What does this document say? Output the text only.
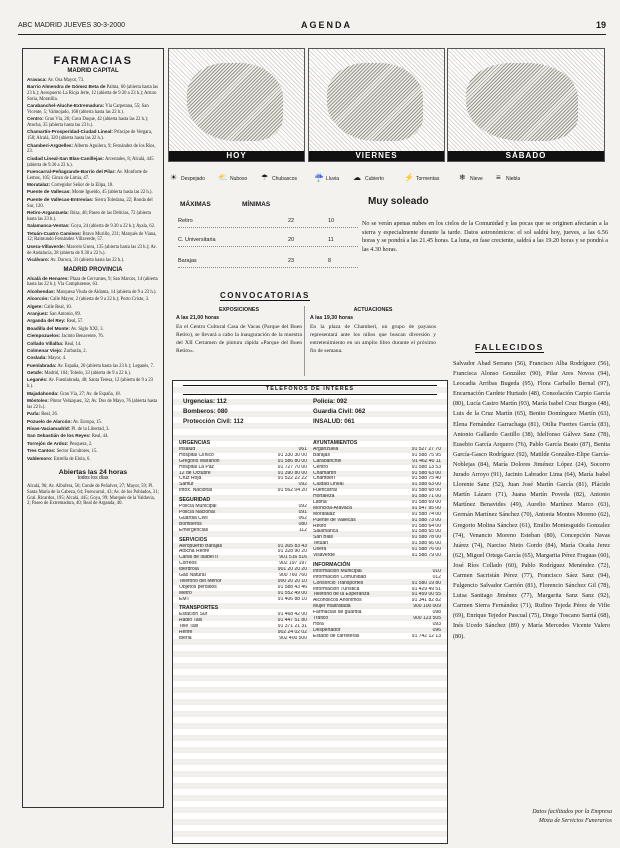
ABC MADRID JUEVES 30-3-2000	AGENDA	19
FARMACIAS
MADRID CAPITAL
Aravaca: Av. Osa Mayor, 73.
Barrio Almendra de Gómez Beta de Palma, 60 (abierta hasta las 23 h.); Aeropuerto La Rioja Jerte, 12 (abierta de 9.30 a 23 h.); Arturo Soria, Moratilla.
Carabanchel-Aluche-Extremadura: Vía Carpetana, 55; San Vicente, 5; Valmojado, 168 (abierta hasta las 22 h.).
Centro: Gran Vía, 26; Cava Duque, 42 (abierta hasta las 22 h.); Atocha, 35 (abierta hasta las 23 h.).
Chamartín-Prosperidad-Ciudad Lineal: Príncipe de Vergara, 158; Alcalá, 320 (abierta hasta las 22 h.).
Chamberí-Argüelles: Alberto Aguilera, 9; Fernández de los Ríos, 23.
Ciudad Lineal-San Blas-Canillejas: Arcentales, 8; Alcalá, 445 (abierta de 9.30 a 23 h.).
Fuencarral-Peñagrande-Barrio del Pilar: Av. Monforte de Lemos, 105; Ginzo de Limia, 47.
Moratalaz: Corregidor Señor de la Elipa, 18.
Puente de Vallecas: Monte Igueldo, 45 (abierta hasta las 22 h.).
Puente de Vallecas-Entrevías: Sierra Toledana, 22; Ronda del Sur, 120.
Retiro-Arganzuela: Ibiza, 46; Paseo de las Delicias, 72 (abierta hasta las 23 h.).
Salamanca-Ventas: Goya, 24 (abierta de 9.30 a 22 h.); Ayala, 62.
Tetuán-Cuatro Caminos: Bravo Murillo, 231; Marqués de Viana, 12; Raimundo Fernández Villaverde, 57.
Usera-Villaverde: Marcelo Usera, 135 (abierta hasta las 23 h.); Av. de Andalucía, 28 (abierta de 9.30 a 22 h.).
Vicálvaro: Av. Daroca, 31 (abierta hasta las 22 h.).
MADRID PROVINCIA
Alcalá de Henares: Plaza de Cervantes, 9; San Marcos, 14 (abierta hasta las 22 h.); Vía Complutense, 63.
Alcobendas: Marquesa Viuda de Aldama, 14 (abierta de 9 a 23 h.).
Alcorcón: Calle Mayor, 2 (abierta de 9 a 22 h.); Porto Cristo, 3.
Algete: Calle Real, 10.
Aranjuez: San Antonio, 89.
Arganda del Rey: Real, 57.
Boadilla del Monte: Av. Siglo XXI, 3.
Ciempozuelos: Jacinto Benavente, 76.
Collado Villalba: Real, 14.
Colmenar Viejo: Zurbarán, 2.
Coslada: Mayor, 4.
Fuenlabrada: Av. España, 20 (abierta hasta las 23 h.); Leganés, 7.
Getafe: Madrid, 104; Toledo, 33 (abierta de 9 a 22 h.).
Leganés: Av. Fuenlabrada, 48; Santa Teresa, 12 (abierta de 9 a 23 h.).
Majadahonda: Gran Vía, 27; Av. de España, 18.
Móstoles: Pintor Velázquez, 32; Av. Dos de Mayo, 76 (abierta hasta las 22 h.).
Parla: Real, 26.
Pozuelo de Alarcón: Av. Europa, 15.
Rivas-Vaciamadrid: Pl. de la Libertad, 3.
San Sebastián de los Reyes: Real, 44.
Torrejón de Ardoz: Pesquera, 2.
Tres Cantos: Sector Escultores, 15.
Valdemoro: Estrella de Elola, 6.
Abiertas las 24 horas
todos los días
Alcalá, 96; Av. Albufera, 56; Conde de Peñalver, 27; Mayor, 59; Pl. Santa María de la Cabeza, 64; Fuencarral, 43; Av. de los Poblados, 31; Gral. Ricardos, 195; Alcalá, 445; Goya, 99; Marqués de la Valdavia, 2; Paseo de Extremadura, 40; Real de Arganda, 40.
HOY	VIERNES	SÁBADO
☀ Despejado ⛅ Nuboso ☂ Chubascos ☔ Lluvia ☁ Cubierto	⚡ Tormentas ❄ Nieve ≡ Niebla
MÁXIMAS	MÍNIMAS
Retiro	22	10
C. Universitaria	20	11
Barajas	23	8
Muy soleado
No se verán apenas nubes en los cielos de la Comunidad y las pocas que se originen afectarán a la sierra y especialmente durante la tarde. Datos astronómicos: el sol saldrá hoy, jueves, a las 6.56 horas y se pondrá a las 21.45 horas. La luna, en fase creciente, saldrá a las 19.20 horas y se pondrá a las 4.30 horas.
CONVOCATORIAS
EXPOSICIONES
A las 21,00 horas
En el Centro Cultural Casa de Vacas (Parque del Buen Retiro), se llevará a cabo la inauguración de la muestra del XII Certamen de pintura rápida «Parque del Buen Retiro».
ACTUACIONES
A las 19,30 horas
En la plaza de Chamberí, un grupo de payasos representará ante los niños que buscan diversión y entretenimiento en un amplio libro durante el próximo fin de semana.
TELÉFONOS DE INTERÉS
Urgencias: 112	Policía: 092
Bomberos: 080	Guardia Civil: 062
Protección Civil: 112	INSALUD: 061
URGENCIAS
Insalud	061
Hospital Clínico	91 330 30 00
Gregorio Marañón	91 586 80 00
Hospital La Paz	91 727 70 00
12 de Octubre	91 390 80 00
Cruz Roja	91 522 22 22
Samur	092
Intox. Nacional	91 562 04 20
SEGURIDAD
Policía Municipal	092
Policía Nacional	091
Guardia Civil	062
Bomberos	080
Emergencias	112
SERVICIOS
Aeropuerto Barajas	91 305 83 43
Atocha Renfe	91 328 90 20
Canal de Isabel II	901 516 516
Correos	902 197 197
Iberdrola	901 20 20 20
Gas Natural	900 760 760
Teléfono del Menor	900 20 20 10
Objetos perdidos	91 588 43 46
Metro	91 552 49 00
EMT	91 406 88 10
TRANSPORTES
Estación Sur	91 468 42 00
Radio Taxi	91 447 51 80
Tele Taxi	91 371 21 31
Renfe	902 24 02 02
Iberia	902 400 500
AYUNTAMIENTOS
Arganzuela	91 527 27 70
Barajas	91 588 75 95
Carabanchel	91 462 40 11
Centro	91 588 13 53
Chamartín	91 588 63 00
Chamberí	91 588 75 40
Ciudad Lineal	91 588 63 00
Fuencarral	91 588 68 00
Hortaleza	91 588 71 00
Latina	91 588 69 00
Moncloa-Aravaca	91 547 95 00
Moratalaz	91 588 74 00
Puente de Vallecas	91 588 73 00
Retiro	91 588 64 00
Salamanca	91 588 65 00
San Blas	91 588 78 00
Tetuán	91 588 66 00
Usera	91 588 76 00
Villaverde	91 588 79 00
INFORMACIÓN
Información Municipal	010
Información Comunidad	012
Consorcio Transportes	91 580 19 80
Información Turística	91 429 49 51
Teléfono de la Esperanza	91 459 00 55
Alcohólicos Anónimos	91 341 82 82
Mujer maltratada	900 100 009
Farmacias de guardia	098
Tráfico	900 123 505
Hora	093
Despertador	096
Estado de carreteras	91 742 12 13
FALLECIDOS
Salvador Abad Serrano (56), Francisco Alba Rodríguez (56), Francisca Alonso González (90), Pilar Ares Novoa (94), Leocadia Arribas Bugeda (95), Flora Carballo Bernal (97), Encarnación Cardete Hurtado (48), Consolación Carpio García (80), Lucía Castro Martín (93), María Isabel Cruz Burgos (48), Luis de la Cruz Martín (65), Benito Domínguez Martín (63), Elena Fernández Garrachaga (81), Otilia Fuertes García (83), Antonio Gallardo Castillo (38), Idelfonso Gálvez Sanz (78), Eusebio García Arquero (76), Pablo García Beato (87), Benita García-Gasco Rodríguez (92), Matilde González-Elipe García-Noblejas (84), María Dolores Jiménez López (24), Socorro Jurado Arroyo (91), Jacinto Labrador Lima (64), María Isabel Llorente Sanz (52), Juan José Martín García (81), Plácido Martín Lázaro (71), Juana Martín Poveda (82), Antonio Martínez Benavides (49), Aurelio Martínez Marco (63), Germán Martínez Sánchez (70), Antonia Montes Moreno (62), Gregorio Molina Sánchez (61), Emilio Montesguido Gonzalez (74), Venancio Moreno Esteban (80), Concepción Navas Juárez (74), Narciso Nieto Gordo (84), María Ocaña Jerez (62), Miguel Ortega García (65), Margarita Pérez Fraguas (60), José Ríos Collado (60), Pablo Rodríguez Menéndez (72), Carmen Sacristán Pérez (77), Francisco Sáez Sanz (94), Fulgencio Salvador Carrión (81), Florencio Sánchez Gil (78), Luisa Santiago Jiménez (77), Margarita Sanz Sanz (92), Carmen Sierra Fernández (71), Rufino Tejeda Pérez de Vifie (69), Enrique Tejedor Pascual (75), Diego Toscano Sarriá (68), Inés Ucedo Sánchez (89) y María Mercedes Vicente Valero (80).
Datos facilitados por la Empresa
Mixta de Servicios Funerarios
